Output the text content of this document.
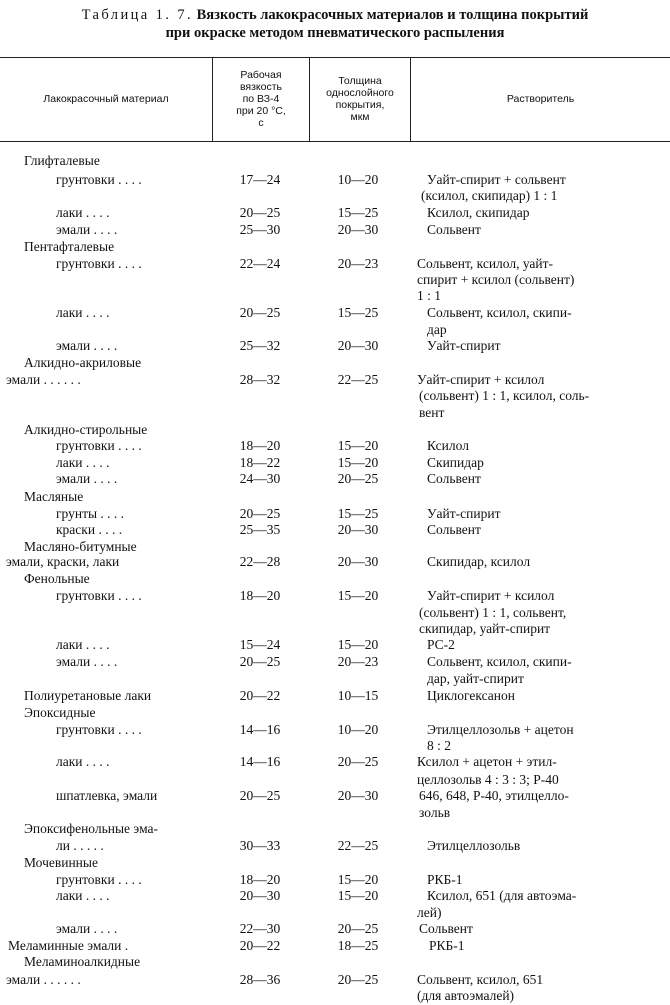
Таблица 1. 7. Вязкость лакокрасочных материалов и толщина покрытий
при окраске методом пневматического распыления
Лакокрасочный материал
Рабочая
вязкость
по ВЗ-4
при 20 °С,
с
Толщина
однослойного
покрытия,
мкм
Растворитель
Глифталевые
грунтовки . . . .	17—24	10—20	Уайт-спирит + сольвент
(ксилол, скипидар) 1 : 1
лаки . . . .	20—25	15—25	Ксилол, скипидар
эмали . . . .	25—30	20—30	Сольвент
Пентафталевые
грунтовки . . . .	22—24	20—23	Сольвент, ксилол, уайт-
спирит + ксилол (сольвент)
1 : 1
лаки . . . .	20—25	15—25	Сольвент, ксилол, скипи-
дар
эмали . . . .	25—32	20—30	Уайт-спирит
Алкидно-акриловые
эмали . . . . . .	28—32	22—25	Уайт-спирит + ксилол
(сольвент) 1 : 1, ксилол, соль-
вент
Алкидно-стирольные
грунтовки . . . .	18—20	15—20	Ксилол
лаки . . . .	18—22	15—20	Скипидар
эмали . . . .	24—30	20—25	Сольвент
Масляные
грунты . . . .	20—25	15—25	Уайт-спирит
краски . . . .	25—35	20—30	Сольвент
Масляно-битумные
эмали, краски, лаки	22—28	20—30	Скипидар, ксилол
Фенольные
грунтовки . . . .	18—20	15—20	Уайт-спирит + ксилол
(сольвент) 1 : 1, сольвент,
скипидар, уайт-спирит
лаки . . . .	15—24	15—20	РС-2
эмали . . . .	20—25	20—23	Сольвент, ксилол, скипи-
дар, уайт-спирит
Полиуретановые лаки	20—22	10—15	Циклогексанон
Эпоксидные
грунтовки . . . .	14—16	10—20	Этилцеллозольв + ацетон
8 : 2
лаки . . . .	14—16	20—25	Ксилол + ацетон + этил-
целлозольв 4 : 3 : 3; Р-40
шпатлевка, эмали	20—25	20—30	646, 648, Р-40, этилцелло-
зольв
Эпоксифенольные эма-
ли . . . . .	30—33	22—25	Этилцеллозольв
Мочевинные
грунтовки . . . .	18—20	15—20	РКБ-1
лаки . . . .	20—30	15—20	Ксилол, 651 (для автоэма-
лей)
эмали . . . .	22—30	20—25	Сольвент
Меламинные эмали .	20—22	18—25	РКБ-1
Меламиноалкидные
эмали . . . . . .	28—36	20—25	Сольвент, ксилол, 651
(для автоэмалей)
